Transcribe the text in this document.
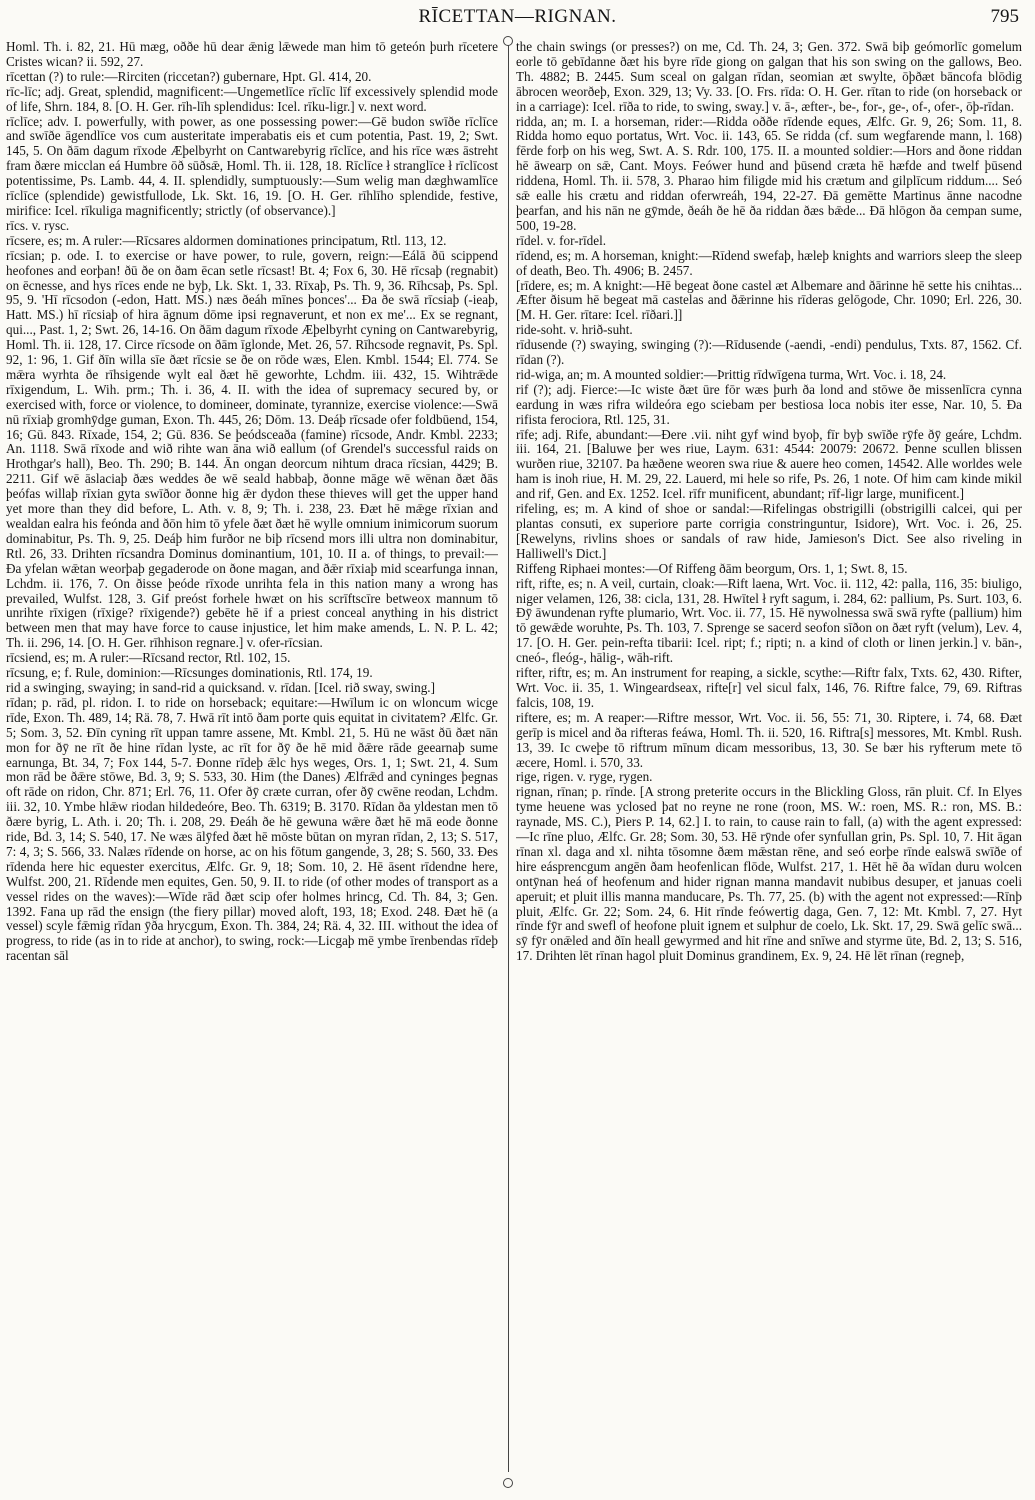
RĪCETTAN—RIGNAN.	795

Homl. Th. i. 82, 21. Hū mæg, oððe hū dear ǣnig lǣwede man him tō geteón þurh rīcetere Cristes wican? ii. 592, 27.

rīcettan (?) to rule:—Rirciten (riccetan?) gubernare, Hpt. Gl. 414, 20.

rīc-līc; adj. Great, splendid, magnificent:—Ungemetlīce rīclīc līf excessively splendid mode of life, Shrn. 184, 8. [O. H. Ger. rīh-līh splendidus: Icel. rīku-ligr.] v. next word.

rīclīce; adv. I. powerfully, with power, as one possessing power:—Gē budon swīðe rīclīce and swīðe āgendlīce vos cum austeritate imperabatis eis et cum potentia, Past. 19, 2; Swt. 145, 5. On ðām dagum rīxode Æþelbyrht on Cantwarebyrig rīclīce, and his rīce wæs āstreht fram ðære micclan eá Humbre ōð sūðsǣ, Homl. Th. ii. 128, 18. Rīclīce ł stranglīce ł rīclīcost potentissime, Ps. Lamb. 44, 4. II. splendidly, sumptuously:—Sum welig man dæghwamlīce rīclīce (splendide) gewistfullode, Lk. Skt. 16, 19. [O. H. Ger. rīhlīho splendide, festive, mirifice: Icel. rīkuliga magnificently; strictly (of observance).]

rīcs. v. rysc.

rīcsere, es; m. A ruler:—Rīcsares aldormen dominationes principatum, Rtl. 113, 12.

rīcsian; p. ode. I. to exercise or have power, to rule, govern, reign:—Eálā ðū scippend heofones and eorþan! ðū ðe on ðam ēcan setle rīcsast! Bt. 4; Fox 6, 30. Hē rīcsaþ (regnabit) on ēcnesse, and hys rīces ende ne byþ, Lk. Skt. 1, 33. Rīxaþ, Ps. Th. 9, 36. Rīhcsaþ, Ps. Spl. 95, 9. 'Hī rīcsodon (-edon, Hatt. MS.) næs ðeáh mīnes þonces'... Ða ðe swā rīcsiaþ (-ieaþ, Hatt. MS.) hī rīcsiaþ of hira āgnum dōme ipsi regnaverunt, et non ex me'... Ex se regnant, qui..., Past. 1, 2; Swt. 26, 14-16. On ðām dagum rīxode Æþelbyrht cyning on Cantwarebyrig, Homl. Th. ii. 128, 17. Circe rīcsode on ðām īglonde, Met. 26, 57. Rīhcsode regnavit, Ps. Spl. 92, 1: 96, 1. Gif ðīn willa sīe ðæt rīcsie se ðe on rōde wæs, Elen. Kmbl. 1544; El. 774. Se mǣra wyrhta ðe rīhsigende wylt eal ðæt hē geworhte, Lchdm. iii. 432, 15. Wihtrǣde rīxigendum, L. Wih. prm.; Th. i. 36, 4. II. with the idea of supremacy secured by, or exercised with, force or violence, to domineer, dominate, tyrannize, exercise violence:—Swā nū rīxiaþ gromhȳdge guman, Exon. Th. 445, 26; Dōm. 13. Deáþ rīcsade ofer foldbūend, 154, 16; Gū. 843. Rīxade, 154, 2; Gū. 836. Se þeódsceaða (famine) rīcsode, Andr. Kmbl. 2233; An. 1118. Swā rīxode and wið rihte wan āna wið eallum (of Grendel's successful raids on Hrothgar's hall), Beo. Th. 290; B. 144. Ān ongan deorcum nihtum draca rīcsian, 4429; B. 2211. Gif wē āslaciaþ ðæs weddes ðe wē seald habbaþ, ðonne māge wē wēnan ðæt ðās þeófas willaþ rīxian gyta swīðor ðonne hig ǣr dydon these thieves will get the upper hand yet more than they did before, L. Ath. v. 8, 9; Th. i. 238, 23. Ðæt hē mǣge rīxian and wealdan ealra his feónda and ðōn him tō yfele ðæt ðæt hē wylle omnium inimicorum suorum dominabitur, Ps. Th. 9, 25. Deáþ him furðor ne biþ rīcsend mors illi ultra non dominabitur, Rtl. 26, 33. Drihten rīcsandra Dominus dominantium, 101, 10. II a. of things, to prevail:—Ða yfelan wǣtan weorþaþ gegaderode on ðone magan, and ðǣr rīxiaþ mid scearfunga innan, Lchdm. ii. 176, 7. On ðisse þeóde rīxode unrihta fela in this nation many a wrong has prevailed, Wulfst. 128, 3. Gif preóst forhele hwæt on his scrīftscīre betweox mannum tō unrihte rīxigen (rīxige? rīxigende?) gebēte hē if a priest conceal anything in his district between men that may have force to cause injustice, let him make amends, L. N. P. L. 42; Th. ii. 296, 14. [O. H. Ger. rīhhison regnare.] v. ofer-rīcsian.

rīcsiend, es; m. A ruler:—Rīcsand rector, Rtl. 102, 15.

rīcsung, e; f. Rule, dominion:—Rīcsunges dominationis, Rtl. 174, 19.

rid a swinging, swaying; in sand-rid a quicksand. v. rīdan. [Icel. rið sway, swing.]

rīdan; p. rād, pl. ridon. I. to ride on horseback; equitare:—Hwīlum ic on wloncum wicge rīde, Exon. Th. 489, 14; Rä. 78, 7. Hwā rīt intō ðam porte quis equitat in civitatem? Ælfc. Gr. 5; Som. 3, 52. Ðīn cyning rīt uppan tamre assene, Mt. Kmbl. 21, 5. Hū ne wāst ðū ðæt nān mon for ðȳ ne rīt ðe hine rīdan lyste, ac rīt for ðȳ ðe hē mid ðǣre rāde geearnaþ sume earnunga, Bt. 34, 7; Fox 144, 5-7. Ðonne rīdeþ ǣlc hys weges, Ors. 1, 1; Swt. 21, 4. Sum mon rād be ðǣre stōwe, Bd. 3, 9; S. 533, 30. Him (the Danes) Ælfrǣd and cyninges þegnas oft rāde on ridon, Chr. 871; Erl. 76, 11. Ofer ðȳ cræte curran, ofer ðȳ cwēne reodan, Lchdm. iii. 32, 10. Ymbe hlǣw riodan hildedeóre, Beo. Th. 6319; B. 3170. Rīdan ða yldestan men tō ðære byrig, L. Ath. i. 20; Th. i. 208, 29. Ðeáh ðe hē gewuna wǣre ðæt hē mā eode ðonne ride, Bd. 3, 14; S. 540, 17. Ne wæs ālȳfed ðæt hē mōste būtan on myran rīdan, 2, 13; S. 517, 7: 4, 3; S. 566, 33. Nalæs rīdende on horse, ac on his fōtum gangende, 3, 28; S. 560, 33. Ðes rīdenda here hic equester exercitus, Ælfc. Gr. 9, 18; Som. 10, 2. Hē āsent rīdendne here, Wulfst. 200, 21. Rīdende men equites, Gen. 50, 9. II. to ride (of other modes of transport as a vessel rides on the waves):—Wīde rād ðæt scip ofer holmes hrincg, Cd. Th. 84, 3; Gen. 1392. Fana up rād the ensign (the fiery pillar) moved aloft, 193, 18; Exod. 248. Ðæt hē (a vessel) scyle fǣmig rīdan ȳða hrycgum, Exon. Th. 384, 24; Rä. 4, 32. III. without the idea of progress, to ride (as in to ride at anchor), to swing, rock:—Licgaþ mē ymbe īrenbendas rīdeþ racentan sāl

the chain swings (or presses?) on me, Cd. Th. 24, 3; Gen. 372. Swā biþ geómorlīc gomelum eorle tō gebīdanne ðæt his byre rīde giong on galgan that his son swing on the gallows, Beo. Th. 4882; B. 2445. Sum sceal on galgan rīdan, seomian æt swylte, ōþðæt bāncofa blōdig ābrocen weorðeþ, Exon. 329, 13; Vy. 33. [O. Frs. rīda: O. H. Ger. rītan to ride (on horseback or in a carriage): Icel. rīða to ride, to swing, sway.] v. ā-, æfter-, be-, for-, ge-, of-, ofer-, ōþ-rīdan.

ridda, an; m. I. a horseman, rider:—Ridda oððe rīdende eques, Ælfc. Gr. 9, 26; Som. 11, 8. Ridda homo equo portatus, Wrt. Voc. ii. 143, 65. Se ridda (cf. sum wegfarende mann, l. 168) fērde forþ on his weg, Swt. A. S. Rdr. 100, 175. II. a mounted soldier:—Hors and ðone riddan hē āwearp on sǣ, Cant. Moys. Feówer hund and þūsend cræta hē hæfde and twelf þūsend riddena, Homl. Th. ii. 578, 3. Pharao him filigde mid his crætum and gilplīcum riddum.... Seó sǣ ealle his crætu and riddan oferwreáh, 194, 22-27. Ðā gemētte Martinus ānne nacodne þearfan, and his nān ne gȳmde, ðeáh ðe hē ða riddan ðæs bǣde... Ðā hlōgon ða cempan sume, 500, 19-28.

rīdel. v. for-rīdel.

rīdend, es; m. A horseman, knight:—Rīdend swefaþ, hæleþ knights and warriors sleep the sleep of death, Beo. Th. 4906; B. 2457.

[rīdere, es; m. A knight:—Hē begeat ðone castel æt Albemare and ðārinne hē sette his cnihtas... Æfter ðisum hē begeat mā castelas and ðǣrinne his rīderas gelōgode, Chr. 1090; Erl. 226, 30. [M. H. Ger. rītare: Icel. rīðari.]]

ride-soht. v. hrið-suht.

rīdusende (?) swaying, swinging (?):—Rīdusende (-aendi, -endi) pendulus, Txts. 87, 1562. Cf. rīdan (?).

rid-wiga, an; m. A mounted soldier:—Þrittig rīdwīgena turma, Wrt. Voc. i. 18, 24.

rif (?); adj. Fierce:—Ic wiste ðæt ūre fōr wæs þurh ða lond and stōwe ðe missenlīcra cynna eardung in wæs rifra wildeóra ego sciebam per bestiosa loca nobis iter esse, Nar. 10, 5. Ða rifista ferociora, Rtl. 125, 31.

rīfe; adj. Rife, abundant:—Ðere .vii. niht gyf wind byoþ, fīr byþ swīðe rȳfe ðȳ geáre, Lchdm. iii. 164, 21. [Baluwe þer wes riue, Laym. 631: 4544: 20079: 20672. Þenne scullen blissen wurðen riue, 32107. Þa hæðene weoren swa riue & auere heo comen, 14542. Alle worldes wele ham is inoh riue, H. M. 29, 22. Lauerd, mi hele so rife, Ps. 26, 1 note. Of him cam kinde mikil and rif, Gen. and Ex. 1252. Icel. rīfr munificent, abundant; rīf-ligr large, munificent.]

rifeling, es; m. A kind of shoe or sandal:—Rifelingas obstrigilli (obstrigilli calcei, qui per plantas consuti, ex superiore parte corrigia constringuntur, Isidore), Wrt. Voc. i. 26, 25. [Rewelyns, rivlins shoes or sandals of raw hide, Jamieson's Dict. See also riveling in Halliwell's Dict.]

Riffeng Riphaei montes:—Of Riffeng ðām beorgum, Ors. 1, 1; Swt. 8, 15.

rift, rifte, es; n. A veil, curtain, cloak:—Rift laena, Wrt. Voc. ii. 112, 42: palla, 116, 35: biuligo, niger velamen, 126, 38: cicla, 131, 28. Hwītel ł ryft sagum, i. 284, 62: pallium, Ps. Surt. 103, 6. Ðȳ āwundenan ryfte plumario, Wrt. Voc. ii. 77, 15. Hē nywolnessa swā swā ryfte (pallium) him tō gewǣde woruhte, Ps. Th. 103, 7. Sprenge se sacerd seofon sīðon on ðæt ryft (velum), Lev. 4, 17. [O. H. Ger. pein-refta tibarii: Icel. ript; f.; ripti; n. a kind of cloth or linen jerkin.] v. bān-, cneó-, fleóg-, hālig-, wāh-rift.

rifter, riftr, es; m. An instrument for reaping, a sickle, scythe:—Riftr falx, Txts. 62, 430. Rifter, Wrt. Voc. ii. 35, 1. Wingeardseax, rifte[r] vel sicul falx, 146, 76. Riftre falce, 79, 69. Riftras falcis, 108, 19.

riftere, es; m. A reaper:—Riftre messor, Wrt. Voc. ii. 56, 55: 71, 30. Riptere, i. 74, 68. Ðæt gerīp is micel and ða rifteras feáwa, Homl. Th. ii. 520, 16. Riftra[s] messores, Mt. Kmbl. Rush. 13, 39. Ic cweþe tō riftrum mīnum dicam messoribus, 13, 30. Se bær his ryfterum mete tō æcere, Homl. i. 570, 33.

rige, rigen. v. ryge, rygen.

rignan, rīnan; p. rīnde. [A strong preterite occurs in the Blickling Gloss, rān pluit. Cf. In Elyes tyme heuene was yclosed þat no reyne ne rone (roon, MS. W.: roen, MS. R.: ron, MS. B.: raynade, MS. C.), Piers P. 14, 62.] I. to rain, to cause rain to fall, (a) with the agent expressed:—Ic rīne pluo, Ælfc. Gr. 28; Som. 30, 53. Hē rȳnde ofer synfullan grin, Ps. Spl. 10, 7. Hit āgan rīnan xl. daga and xl. nihta tōsomne ðæm mǣstan rēne, and seó eorþe rīnde ealswā swīðe of hire eásprencgum angēn ðam heofenlican flōde, Wulfst. 217, 1. Hēt hē ða wīdan duru wolcen ontȳnan heá of heofenum and hider rignan manna mandavit nubibus desuper, et januas coeli aperuit; et pluit illis manna manducare, Ps. Th. 77, 25. (b) with the agent not expressed:—Rīnþ pluit, Ælfc. Gr. 22; Som. 24, 6. Hit rīnde feówertig daga, Gen. 7, 12: Mt. Kmbl. 7, 27. Hyt rīnde fȳr and swefl of heofone pluit ignem et sulphur de coelo, Lk. Skt. 17, 29. Swā gelīc swā... sȳ fȳr onǣled and ðīn heall gewyrmed and hit rīne and snīwe and styrme ūte, Bd. 2, 13; S. 516, 17. Drihten lēt rīnan hagol pluit Dominus grandinem, Ex. 9, 24. Hē lēt rīnan (regneþ,
